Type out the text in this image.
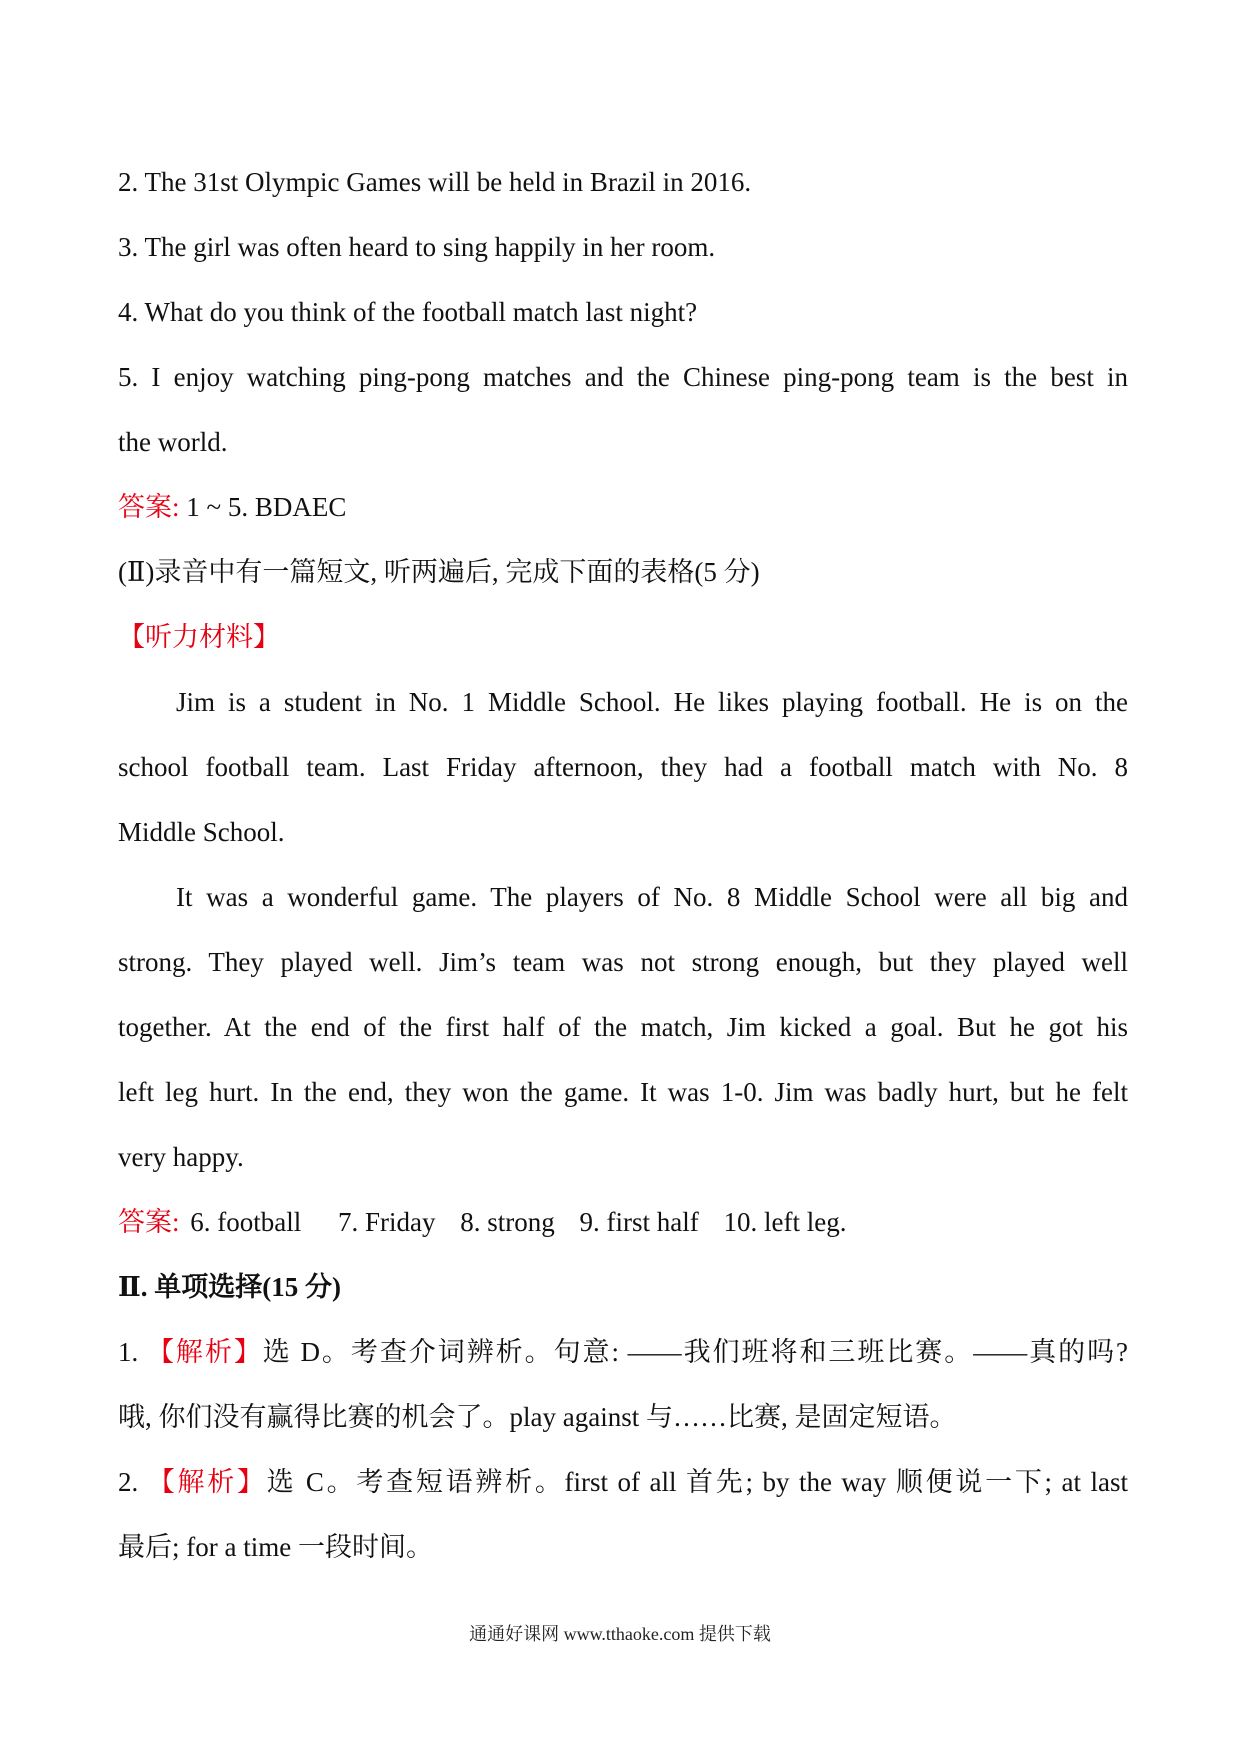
2. The 31st Olympic Games will be held in Brazil in 2016.
3. The girl was often heard to sing happily in her room.
4. What do you think of the football match last night?
5. I enjoy watching ping-pong matches and the Chinese ping-pong team is the best in
the world.
答案: 1 ~ 5. BDAEC
(Ⅱ)录音中有一篇短文, 听两遍后, 完成下面的表格(5 分)
【听力材料】
Jim is a student in No. 1 Middle School. He likes playing football. He is on the
school football team. Last Friday afternoon, they had a football match with No. 8
Middle School.
It was a wonderful game. The players of No. 8 Middle School were all big and
strong. They played well. Jim’s team was not strong enough, but they played well
together. At the end of the first half of the match, Jim kicked a goal. But he got his
left leg hurt. In the end, they won the game. It was 1-0. Jim was badly hurt, but he felt
very happy.
答案: 6. football 7. Friday 8. strong 9. first half 10. left leg.
Ⅱ. 单项选择(15 分)
1. 【解析】选 D。考查介词辨析。句意: ——我们班将和三班比赛。——真的吗?
哦, 你们没有赢得比赛的机会了。play against 与……比赛, 是固定短语。
2. 【解析】选 C。考查短语辨析。first of all 首先; by the way 顺便说一下; at last
最后; for a time 一段时间。
通通好课网 www.tthaoke.com 提供下载
